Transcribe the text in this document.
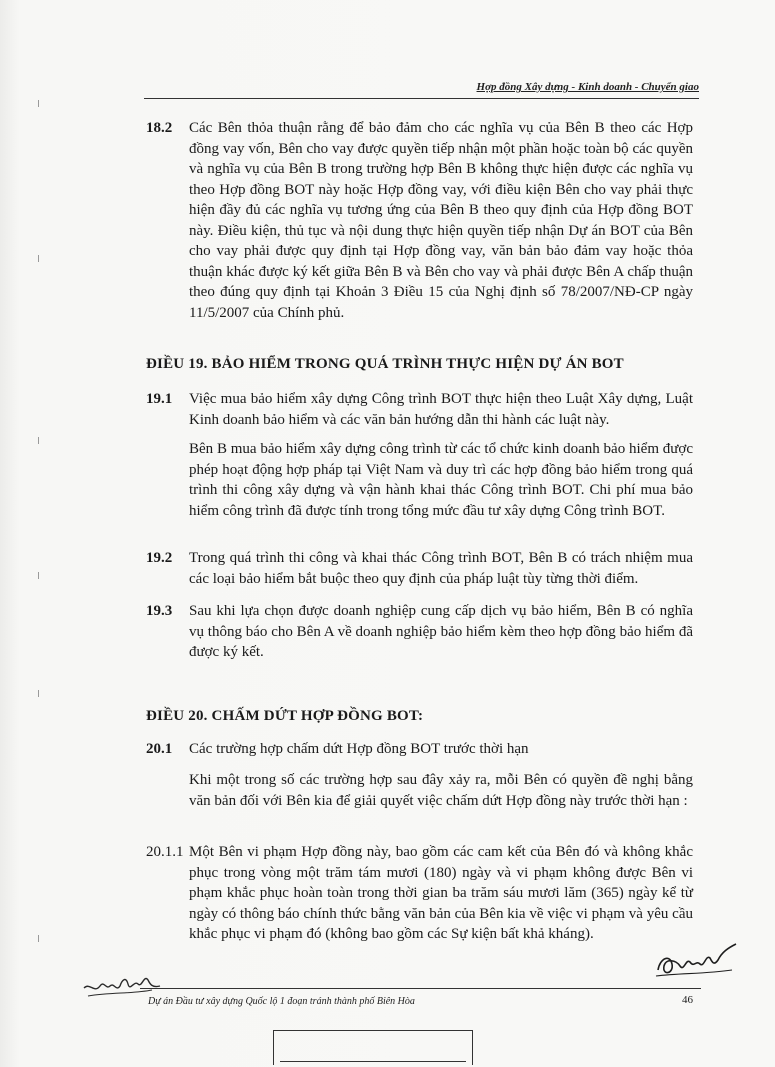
Hợp đồng Xây dựng - Kinh doanh - Chuyển giao
18.2 Các Bên thỏa thuận rằng để bảo đảm cho các nghĩa vụ của Bên B theo các Hợp đồng vay vốn, Bên cho vay được quyền tiếp nhận một phần hoặc toàn bộ các quyền và nghĩa vụ của Bên B trong trường hợp Bên B không thực hiện được các nghĩa vụ theo Hợp đồng BOT này hoặc Hợp đồng vay, với điều kiện Bên cho vay phải thực hiện đầy đủ các nghĩa vụ tương ứng của Bên B theo quy định của Hợp đồng BOT này. Điều kiện, thủ tục và nội dung thực hiện quyền tiếp nhận Dự án BOT của Bên cho vay phải được quy định tại Hợp đồng vay, văn bản bảo đảm vay hoặc thỏa thuận khác được ký kết giữa Bên B và Bên cho vay và phải được Bên A chấp thuận theo đúng quy định tại Khoản 3 Điều 15 của Nghị định số 78/2007/NĐ-CP ngày 11/5/2007 của Chính phủ.
ĐIỀU 19. BẢO HIỂM TRONG QUÁ TRÌNH THỰC HIỆN DỰ ÁN BOT
19.1 Việc mua bảo hiểm xây dựng Công trình BOT thực hiện theo Luật Xây dựng, Luật Kinh doanh bảo hiểm và các văn bản hướng dẫn thi hành các luật này.
Bên B mua bảo hiểm xây dựng công trình từ các tổ chức kinh doanh bảo hiểm được phép hoạt động hợp pháp tại Việt Nam và duy trì các hợp đồng bảo hiểm trong quá trình thi công xây dựng và vận hành khai thác Công trình BOT. Chi phí mua bảo hiểm công trình đã được tính trong tổng mức đầu tư xây dựng Công trình BOT.
19.2 Trong quá trình thi công và khai thác Công trình BOT, Bên B có trách nhiệm mua các loại bảo hiểm bắt buộc theo quy định của pháp luật tùy từng thời điểm.
19.3 Sau khi lựa chọn được doanh nghiệp cung cấp dịch vụ bảo hiểm, Bên B có nghĩa vụ thông báo cho Bên A về doanh nghiệp bảo hiểm kèm theo hợp đồng bảo hiểm đã được ký kết.
ĐIỀU 20. CHẤM DỨT HỢP ĐỒNG BOT:
20.1 Các trường hợp chấm dứt Hợp đồng BOT trước thời hạn
Khi một trong số các trường hợp sau đây xảy ra, mỗi Bên có quyền đề nghị bằng văn bản đối với Bên kia để giải quyết việc chấm dứt Hợp đồng này trước thời hạn :
20.1.1 Một Bên vi phạm Hợp đồng này, bao gồm các cam kết của Bên đó và không khắc phục trong vòng một trăm tám mươi (180) ngày và vi phạm không được Bên vi phạm khắc phục hoàn toàn trong thời gian ba trăm sáu mươi lăm (365) ngày kể từ ngày có thông báo chính thức bằng văn bản của Bên kia về việc vi phạm và yêu cầu khắc phục vi phạm đó (không bao gồm các Sự kiện bất khả kháng).
Dự án Đầu tư xây dựng Quốc lộ 1 đoạn tránh thành phố Biên Hòa	46
